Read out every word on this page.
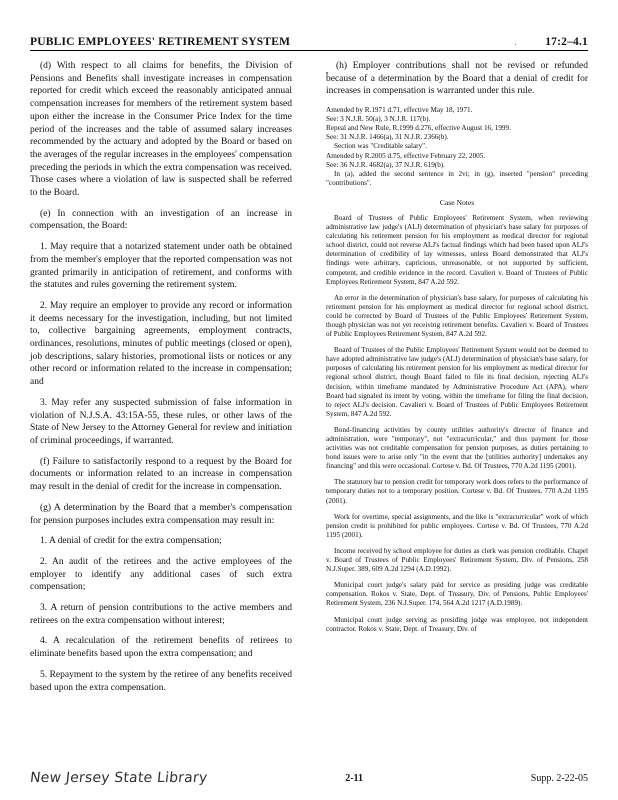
PUBLIC EMPLOYEES' RETIREMENT SYSTEM	17:2–4.1

(d) With respect to all claims for benefits, the Division of Pensions and Benefits shall investigate increases in compensation reported for credit which exceed the reasonably anticipated annual compensation increases for members of the retirement system based upon either the increase in the Consumer Price Index for the time period of the increases and the table of assumed salary increases recommended by the actuary and adopted by the Board or based on the averages of the regular increases in the employees' compensation preceding the periods in which the extra compensation was received. Those cases where a violation of law is suspected shall be referred to the Board.

(e) In connection with an investigation of an increase in compensation, the Board:

1. May require that a notarized statement under oath be obtained from the member's employer that the reported compensation was not granted primarily in anticipation of retirement, and conforms with the statutes and rules governing the retirement system.

2. May require an employer to provide any record or information it deems necessary for the investigation, including, but not limited to, collective bargaining agreements, employment contracts, ordinances, resolutions, minutes of public meetings (closed or open), job descriptions, salary histories, promotional lists or notices or any other record or information related to the increase in compensation; and

3. May refer any suspected submission of false information in violation of N.J.S.A. 43:15A-55, these rules, or other laws of the State of New Jersey to the Attorney General for review and initiation of criminal proceedings, if warranted.

(f) Failure to satisfactorily respond to a request by the Board for documents or information related to an increase in compensation may result in the denial of credit for the increase in compensation.

(g) A determination by the Board that a member's compensation for pension purposes includes extra compensation may result in:

1. A denial of credit for the extra compensation;

2. An audit of the retirees and the active employees of the employer to identify any additional cases of such extra compensation;

3. A return of pension contributions to the active members and retirees on the extra compensation without interest;

4. A recalculation of the retirement benefits of retirees to eliminate benefits based upon the extra compensation; and

5. Repayment to the system by the retiree of any benefits received based upon the extra compensation.

(h) Employer contributions shall not be revised or refunded because of a determination by the Board that a denial of credit for increases in compensation is warranted under this rule.

Amended by R.1971 d.71, effective May 18, 1971.

See: 3 N.J.R. 50(a), 3 N.J.R. 117(b).

Repeal and New Rule, R.1999 d.276, effective August 16, 1999.

See: 31 N.J.R. 1466(a), 31 N.J.R. 2366(b).

Section was "Creditable salary".

Amended by R.2005 d.75, effective February 22, 2005.

See: 36 N.J.R. 4682(a), 37 N.J.R. 619(b).

In (a), added the second sentence in 2vi; in (g), inserted "pension" preceding "contributions".

Case Notes

Board of Trustees of Public Employees' Retirement System, when reviewing administrative law judge's (ALJ) determination of physician's base salary for purposes of calculating his retirement pension for his employment as medical director for regional school district, could not reverse ALJ's factual findings which had been based upon ALJ's determination of credibility of lay witnesses, unless Board demonstrated that ALJ's findings were arbitrary, capricious, unreasonable, or not supported by sufficient, competent, and credible evidence in the record. Cavalieri v. Board of Trustees of Public Employees Retirement System, 847 A.2d 592.

An error in the determination of physician's base salary, for purposes of calculating his retirement pension for his employment as medical director for regional school district, could be corrected by Board of Trustees of the Public Employees' Retirement System, though physician was not yet receiving retirement benefits. Cavalieri v. Board of Trustees of Public Employees Retirement System, 847 A.2d 592.

Board of Trustees of the Public Employees' Retirement System would not be deemed to have adopted administrative law judge's (ALJ) determination of physician's base salary, for purposes of calculating his retirement pension for his employment as medical director for regional school district, though Board failed to file its final decision, rejecting ALJ's decision, within timeframe mandated by Administrative Procedure Act (APA), where Board had signaled its intent by voting, within the timeframe for filing the final decision, to reject ALJ's decision. Cavalieri v. Board of Trustees of Public Employees Retirement System, 847 A.2d 592.

Bond-financing activities by county utilities authority's director of finance and administration, were "temporary", not "extracurricular," and thus payment for those activities was not creditable compensation for pension purposes, as duties pertaining to bond issues were to arise only "in the event that the [utilities authority] undertakes any financing" and this were occasional. Cortese v. Bd. Of Trustees, 770 A.2d 1195 (2001).

The statutory bar to pension credit for temporary work does refers to the performance of temporary duties not to a temporary position. Cortese v. Bd. Of Trustees, 770 A.2d 1195 (2001).

Work for overtime, special assignments, and the like is "extracurricular" work of which pension credit is prohibited for public employees. Cortese v. Bd. Of Trustees, 770 A.2d 1195 (2001).

Income received by school employee for duties as clerk was pension creditable. Chapel v. Board of Trustees of Public Employees' Retirement System, Div. of Pensions, 258 N.J.Super. 389, 609 A.2d 1294 (A.D.1992).

Municipal court judge's salary paid for service as presiding judge was creditable compensation. Rokos v. State, Dept. of Treasury, Div. of Pensions, Public Employees' Retirement System, 236 N.J.Super. 174, 564 A.2d 1217 (A.D.1989).

Municipal court judge serving as presiding judge was employee, not independent contractor. Rokos v. State, Dept. of Treasury, Div. of

New Jersey State Library	2-11	Supp. 2-22-05
